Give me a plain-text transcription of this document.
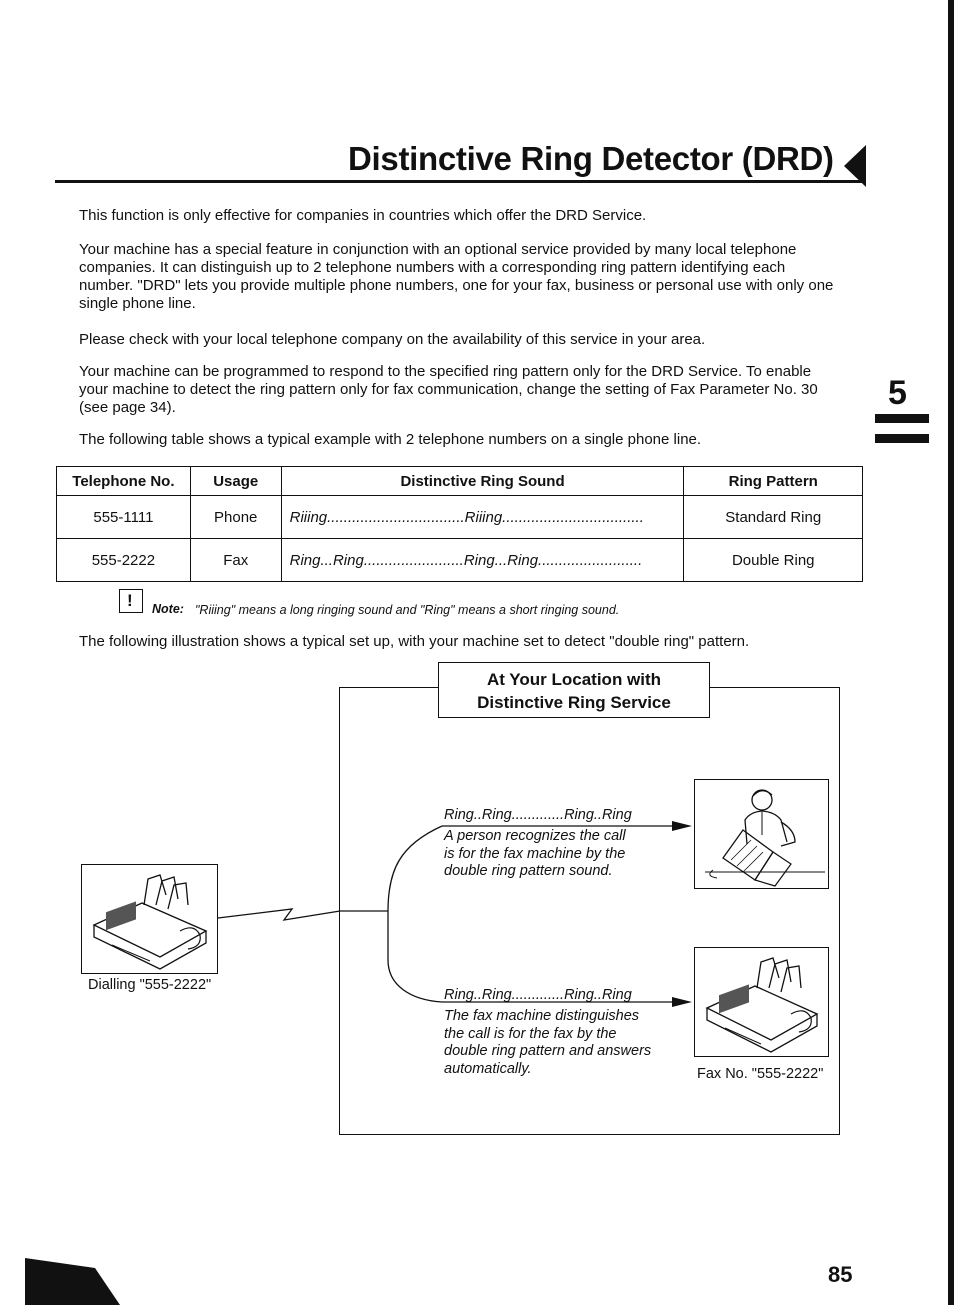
Distinctive Ring Detector (DRD)
5
This function is only effective for companies in countries which offer the DRD Service.
Your machine has a special feature in conjunction with an optional service provided by many local telephone companies. It can distinguish up to 2 telephone numbers with a corresponding ring pattern identifying each number. "DRD" lets you provide multiple phone numbers, one for your fax, business or personal use with only one single phone line.
Please check with your local telephone company on the availability of this service in your area.
Your machine can be programmed to respond to the specified ring pattern only for the DRD Service. To enable your machine to detect the ring pattern only for fax communication, change the setting of Fax Parameter No. 30 (see page 34).
The following table shows a typical example with 2 telephone numbers on a single phone line.
Telephone No.	Usage	Distinctive Ring Sound	Ring Pattern
555-1111	Phone	Riiing.................................Riiing..................................	Standard Ring
555-2222	Fax	Ring...Ring........................Ring...Ring.........................	Double Ring
!
Note: "Riiing" means a long ringing sound and "Ring" means a short ringing sound.
The following illustration shows a typical set up, with your machine set to detect "double ring" pattern.
At Your Location with
Distinctive Ring Service
Ring..Ring.............Ring..Ring
A person recognizes the call
is for the fax machine by the
double ring pattern sound.
Ring..Ring.............Ring..Ring
The fax machine distinguishes
the call is for the fax by the
double ring pattern and answers
automatically.	Fax No. "555-2222"
Dialling "555-2222"
85
